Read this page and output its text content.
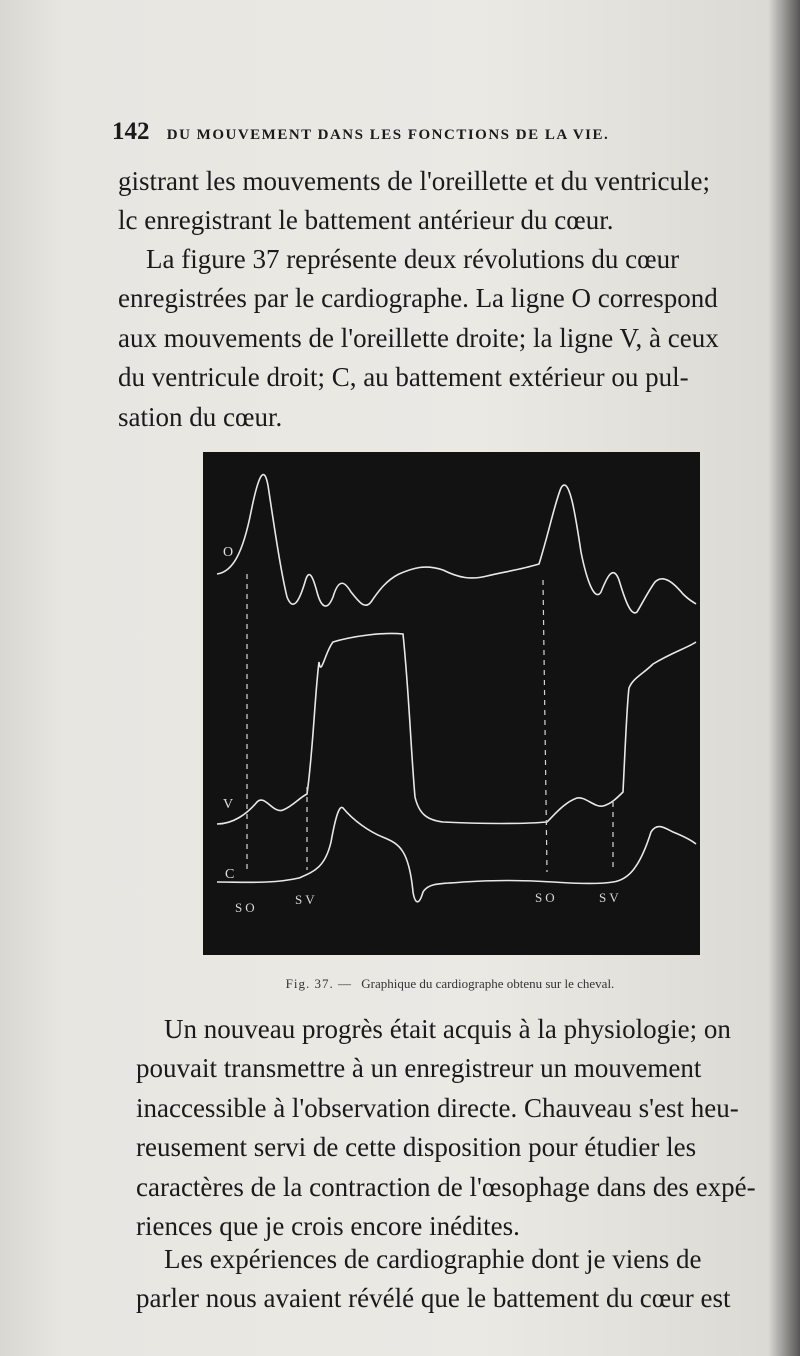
142 DU MOUVEMENT DANS LES FONCTIONS DE LA VIE.

gistrant les mouvements de l'oreillette et du ventricule;

lc enregistrant le battement antérieur du cœur.

La figure 37 représente deux révolutions du cœur

enregistrées par le cardiographe. La ligne O correspond

aux mouvements de l'oreillette droite; la ligne V, à ceux

du ventricule droit; C, au battement extérieur ou pul-

sation du cœur.

O
V
C
SO
SV	SO	SV
Fig. 37. — Graphique du cardiographe obtenu sur le cheval.

Un nouveau progrès était acquis à la physiologie; on

pouvait transmettre à un enregistreur un mouvement

inaccessible à l'observation directe. Chauveau s'est heu-

reusement servi de cette disposition pour étudier les

caractères de la contraction de l'œsophage dans des expé-

riences que je crois encore inédites.

Les expériences de cardiographie dont je viens de

parler nous avaient révélé que le battement du cœur est
